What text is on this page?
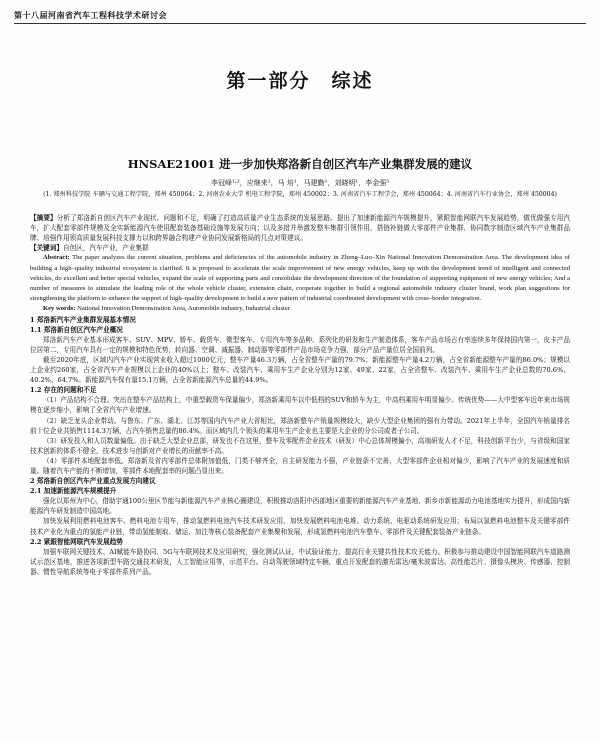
第十八届河南省汽车工程科技学术研讨会
第一部分　综述
HNSAE21001 进一步加快郑洛新自创区汽车产业集群发展的建议
李冠峰¹·²，应继来¹，马 培¹，马建勤¹，刘晓明¹，李金强³
(1. 郑州科技学院 车辆与交通工程学院，郑州 450064；2. 河南农业大学 机电工程学院，郑州 450002；3. 河南省汽车工程学会，郑州 450064；4. 河南省汽车行业协会，郑州 450004)

【摘要】分析了郑洛新自创区汽车产业现状、问题和不足，明确了打造高质量产业生态系统的发展思路。提出了加速新能源汽车规模提升，紧跟智能网联汽车发展趋势，做优做强专用汽车，扩大配套零部件规模及全实新能源汽车使用配套装备基础设施等发展方向；以及多措并举激发整车集群引领作用、搭链补链做大零部件产业集群、协同数字制造区域汽车产业集群品牌、培强作用领高质量发展科技支撑力以和跨界融合构建产业协同发展新格局的几点对策建议。

【关键词】自创区，汽车产业，产业集群

Abstract: The paper analyzes the current situation, problems and deficiencies of the automobile industry in Zheng–Luo–Xin National Innovation Demonstration Area. The development idea of building a high–quality industrial ecosystem is clarified. It is proposed to accelerate the scale improvement of new energy vehicles, keep up with the development trend of intelligent and connected vehicles, do excellent and better special vehicles, expand the scale of supporting parts and consolidate the development direction of the foundation of supporting equipment of new energy vehicles; And a number of measures to stimulate the leading role of the whole vehicle cluster, extension chain, cooperate together to build a regional automobile industry cluster brand, work plan suggestions for strengthening the platform to enhance the support of high–quality development to build a new pattern of industrial coordinated development with cross–border integration.

Key words: National Innovation Demonstration Area, Automobile industry, Industrial cluster

1 郑洛新汽车产业集群发展基本情况

1.1 郑洛新自创区汽车产业概况

郑洛新汽车产业基本形成客车、SUV、MPV、轿车、载货车、微型客车、专用汽车等多品种、系列化的研发和生产制造体系，客车产品市场占有率连续多年保持国内第一，皮卡产品位居第二，专用汽车具有一定的规模和特色优势，转向器、空调、减振器、制动器等零部件产品市场竞争力强，部分产品产量位居全国前列。

截至2020年底，区域内汽车产业实现营业收入超过1000亿元，整车产量46.3万辆，占全省整车产量的79.7%；新能源整车产量4.2万辆，占全省新能源整车产量的86.0%；规模以上企业约260家，占全省汽车产业规模以上企业的40%以上；整车、改装汽车、乘用车生产企业分别为12家、49家、22家，占全省整车、改装汽车、乘用车生产企业总数的70.6%、40.2%、64.7%。新能源汽车保有量15.1万辆，占全省新能源汽车总量的44.9%。

1.2 存在的问题和不足

（1）产品结构不合理。突出在整车产品结构上，中重型载货车保量偏少，郑洛新乘用车以中低档的SUV和轿车为主，中高档乘用车明显偏少。传统优势——大中型客车近年来市场规模在逐步缩小，影响了全省汽车产业增速。

（2）缺乏龙头企业带动。与鲁东、广东、湖北、江苏等国内汽车产业大省相比，郑洛新整车产销量规模较大，缺少大型企业集团的强有力带动。2021年上半年，全国汽车销量排名前十位企业共销售1114.3万辆，占汽车销售总量的86.4%。而区域内几个领头的乘用车生产企业也主要是大企业的分公司或者子公司。

（3）研发投入和人员数量偏低。由于缺乏大型企业总部，研发也不在这里，整车及零配件企业技术（研发）中心总体规模偏小，高端研发人才不足，科技创新平台少，与省级和国家技术创新的体系不健全，技术进步与创新对产业增长的贡献率不高。

（4）零部件本地配套率低。郑洛新及省内零部件总体附加值低，门类不够齐全，自主研发能力不强，产业链条不完善，大型零部件企业相对偏少，影响了汽车产业的发展速度和质量。随着汽车产能的不断增加，零部件本地配套率的问题凸显出来。

2 郑洛新自创区汽车产业重点发展方向建议

2.1 加速新能源汽车规模提升

强化以郑州为中心，借助宇通100公里区节能与新能源汽车产业核心圈建设，积极推动洛阳中西部地区重要的新能源汽车产业基地、新乡市新能源动力电池基地实力提升，形成国内新能源汽车研发制造中国高地。

加快发展利用燃料电池客车、燃料电池专用车，推动氢燃料电池汽车技术研发应用，加快发展燃料电池电堆、动力系统、电驱动系统研发应用；布局以氢燃料电池整车及关键零部件技术产业化为重点的氢能产业链，带动氢能制取、储运、加注等核心装备配套产业集聚和发展，形成氢燃料电池汽车整车、零部件及关键配套装备产业链条。

2.2 紧跟智能网联汽车发展趋势

加强车联网关键技术、AI赋能车路协同、5G与车联网技术及应用研究，强化测试认证，中试验证能力，提高行业关键共性技术攻关能力。积极参与推动建设中国智能网联汽车道路测试示范区基地，推进各项新型车路交通技术研发，人工智能应用等，示范平台。自动驾驶领域特定车辆，重点开发配套的激光雷达/毫米波雷达、高性能芯片、摄像头模块、传感器、控制器、惯性导航系统等电子零部件系列产品。
